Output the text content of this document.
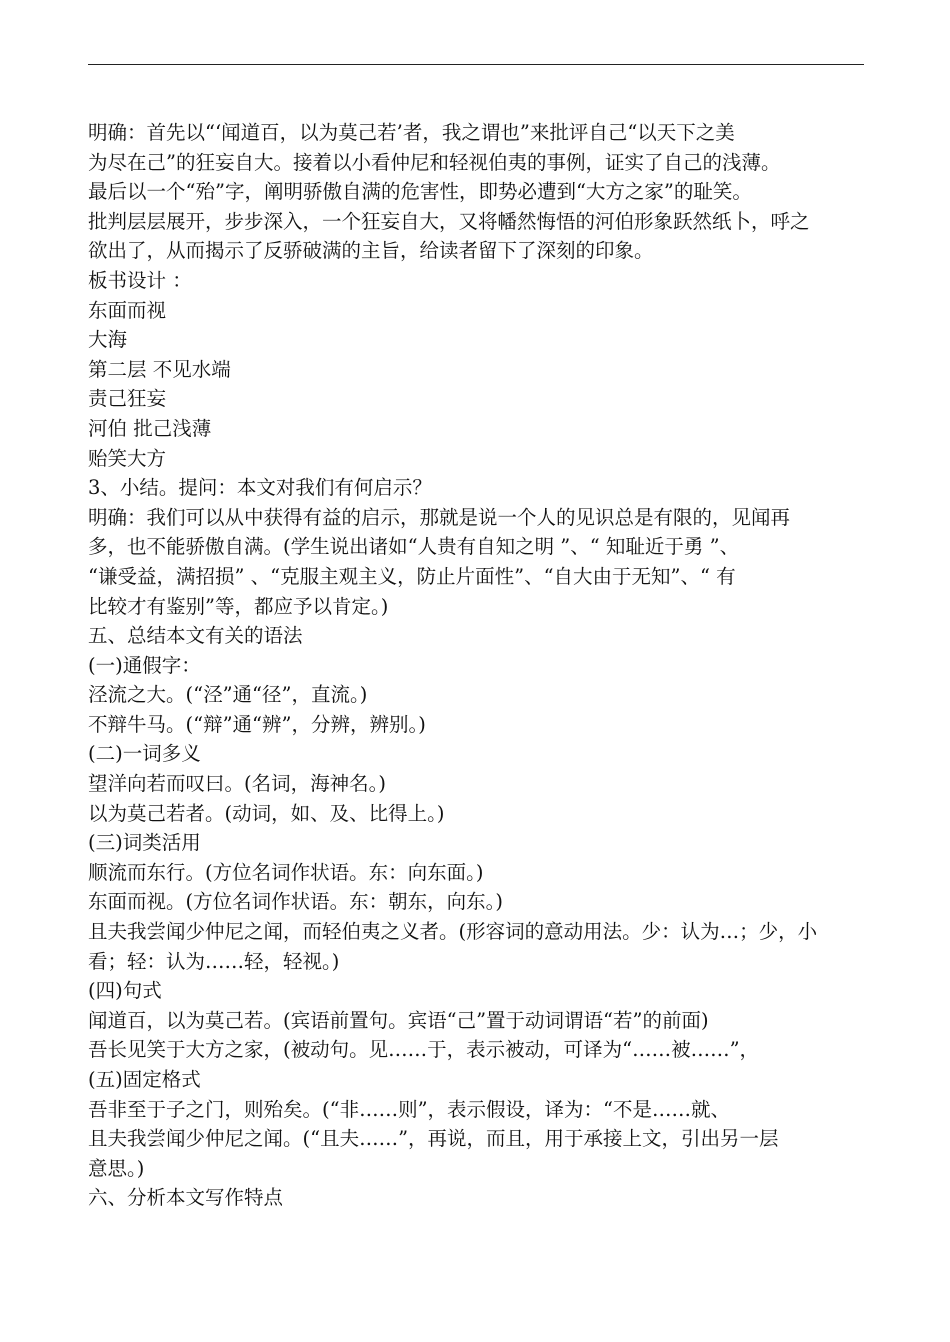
明确：首先以“‘闻道百，以为莫己若’者，我之谓也”来批评自己“以天下之美
为尽在己”的狂妄自大。接着以小看仲尼和轻视伯夷的事例，证实了自己的浅薄。
最后以一个“殆”字，阐明骄傲自满的危害性，即势必遭到“大方之家”的耻笑。
批判层层展开，步步深入，一个狂妄自大，又将幡然悔悟的河伯形象跃然纸卜，呼之
欲出了，从而揭示了反骄破满的主旨，给读者留下了深刻的印象。
板书设计 ：
东面而视
大海
第二层 不见水端
责己狂妄
河伯 批己浅薄
贻笑大方
3、小结。提问：本文对我们有何启示？
明确：我们可以从中获得有益的启示，那就是说一个人的见识总是有限的，见闻再
多，也不能骄傲自满。(学生说出诸如“人贵有自知之明 ”、“ 知耻近于勇 ”、
“谦受益，满招损” 、“克服主观主义，防止片面性”、“自大由于无知”、“ 有
比较才有鉴别”等，都应予以肯定。)
五、总结本文有关的语法
(一)通假字：
泾流之大。(“泾”通“径”，直流。)
不辩牛马。(“辩”通“辨”，分辨，辨别。)
(二)一词多义
望洋向若而叹曰。(名词，海神名。)
以为莫己若者。(动词，如、及、比得上。)
(三)词类活用
顺流而东行。(方位名词作状语。东：向东面。)
东面而视。(方位名词作状语。东：朝东，向东。)
且夫我尝闻少仲尼之闻，而轻伯夷之义者。(形容词的意动用法。少：认为…；少，小
看；轻：认为……轻，轻视。)
(四)句式
闻道百，以为莫己若。(宾语前置句。宾语“己”置于动词谓语“若”的前面)
吾长见笑于大方之家，(被动句。见……于，表示被动，可译为“……被……”，
(五)固定格式
吾非至于子之门，则殆矣。(“非……则”，表示假设，译为：“不是……就、
且夫我尝闻少仲尼之闻。(“且夫……”，再说，而且，用于承接上文，引出另一层
意思。)
六、分析本文写作特点
